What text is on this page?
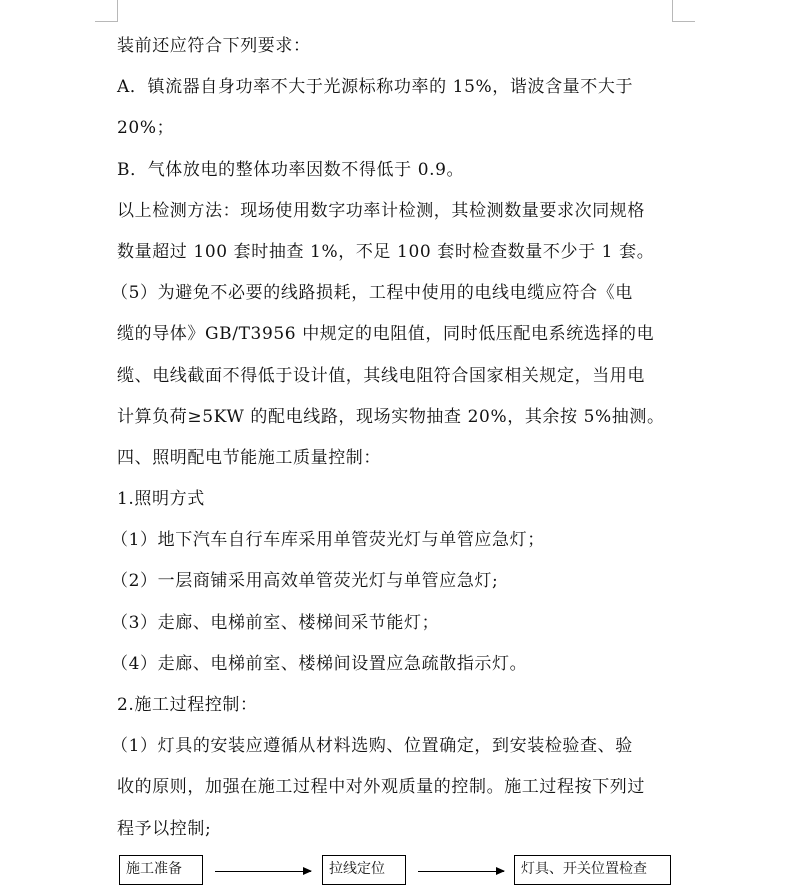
装前还应符合下列要求：
A．镇流器自身功率不大于光源标称功率的 15%，谐波含量不大于
20%；
B．气体放电的整体功率因数不得低于 0.9。
以上检测方法：现场使用数字功率计检测，其检测数量要求次同规格
数量超过 100 套时抽查 1%，不足 100 套时检查数量不少于 1 套。
（5）为避免不必要的线路损耗，工程中使用的电线电缆应符合《电
缆的导体》GB/T3956 中规定的电阻值，同时低压配电系统选择的电
缆、电线截面不得低于设计值，其线电阻符合国家相关规定，当用电
计算负荷≥5KW 的配电线路，现场实物抽查 20%，其余按 5%抽测。
四、照明配电节能施工质量控制：
1.照明方式
（1）地下汽车自行车库采用单管荧光灯与单管应急灯；
（2）一层商铺采用高效单管荧光灯与单管应急灯;
（3）走廊、电梯前室、楼梯间采节能灯；
（4）走廊、电梯前室、楼梯间设置应急疏散指示灯。
2.施工过程控制：
（1）灯具的安装应遵循从材料选购、位置确定，到安装检验查、验
收的原则，加强在施工过程中对外观质量的控制。施工过程按下列过
程予以控制;
施工准备	拉线定位	灯具、开关位置检查
